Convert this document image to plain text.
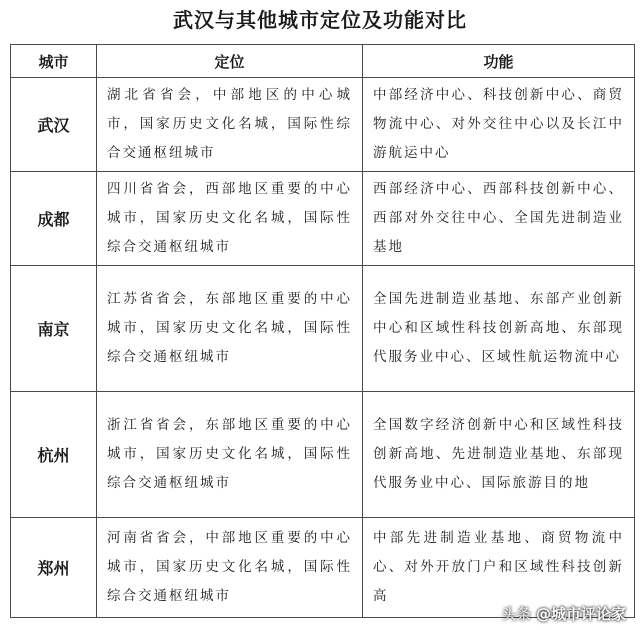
武汉与其他城市定位及功能对比
城市	定位	功能
武汉	湖北省省会，中部地区的中心城市，国家历史文化名城，国际性综合交通枢纽城市	中部经济中心、科技创新中心、商贸物流中心、对外交往中心以及长江中游航运中心
成都	四川省省会，西部地区重要的中心城市，国家历史文化名城，国际性综合交通枢纽城市	西部经济中心、西部科技创新中心、西部对外交往中心、全国先进制造业基地
南京	江苏省省会，东部地区重要的中心城市，国家历史文化名城，国际性综合交通枢纽城市	全国先进制造业基地、东部产业创新中心和区域性科技创新高地、东部现代服务业中心、区域性航运物流中心
杭州	浙江省省会，东部地区重要的中心城市，国家历史文化名城，国际性综合交通枢纽城市	全国数字经济创新中心和区域性科技创新高地、先进制造业基地、东部现代服务业中心、国际旅游目的地
郑州	河南省省会，中部地区重要的中心城市，国家历史文化名城，国际性综合交通枢纽城市	中部先进制造业基地、商贸物流中心、对外开放门户和区域性科技创新高
头条 @城市评论家
